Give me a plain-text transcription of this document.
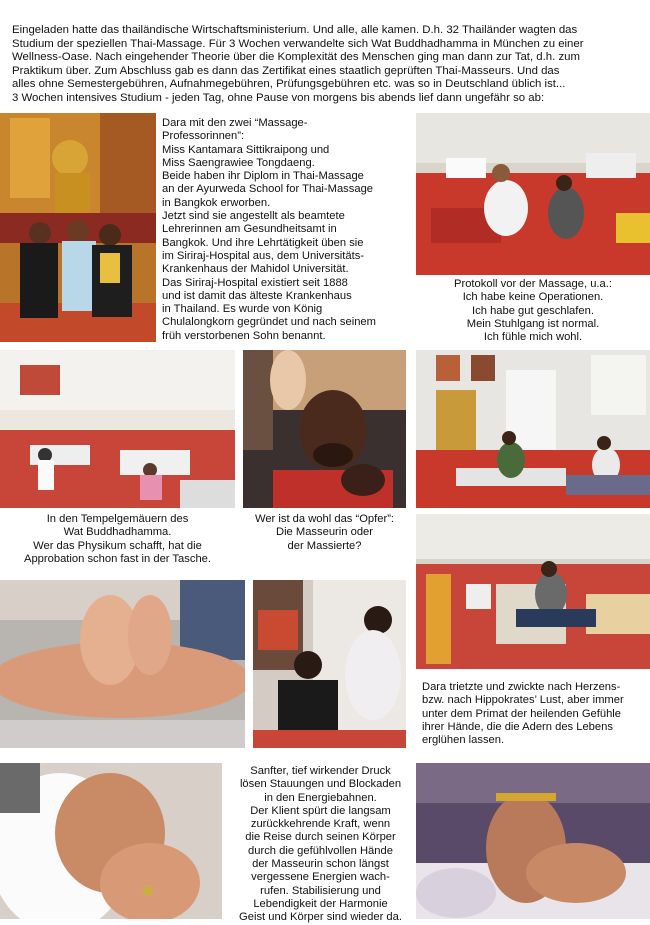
Eingeladen hatte das thailändische Wirtschaftsministerium. Und alle, alle kamen. D.h. 32 Thailänder wagten das
Studium der speziellen Thai-Massage. Für 3 Wochen verwandelte sich Wat Buddhadhamma in München zu einer
Wellness-Oase. Nach eingehender Theorie über die Komplexität des Menschen ging man dann zur Tat, d.h. zum
Praktikum über. Zum Abschluss gab es dann das Zertifikat eines staatlich geprüften Thai-Masseurs. Und das
alles ohne Semestergebühren, Aufnahmegebühren, Prüfungsgebühren etc. was so in Deutschland üblich ist...
3 Wochen intensives Studium - jeden Tag, ohne Pause von morgens bis abends lief dann ungefähr so ab:
Dara mit den zwei “Massage-
Professorinnen”:
Miss Kantamara Sittikraipong und
Miss Saengrawiee Tongdaeng.
Beide haben ihr Diplom in Thai-Massage
an der Ayurweda School for Thai-Massage
in Bangkok erworben.
Jetzt sind sie angestellt als beamtete
Lehrerinnen am Gesundheitsamt in
Bangkok. Und ihre Lehrtätigkeit üben sie
im Siriraj-Hospital aus, dem Universitäts-
Krankenhaus der Mahidol Universität.
Das Siriraj-Hospital existiert seit 1888
und ist damit das älteste Krankenhaus
in Thailand. Es wurde von König
Chulalongkorn gegründet und nach seinem
früh verstorbenen Sohn benannt.
Protokoll vor der Massage, u.a.:
Ich habe keine Operationen.
Ich habe gut geschlafen.
Mein Stuhlgang ist normal.
Ich fühle mich wohl.
In den Tempelgemäuern des
Wat Buddhadhamma.
Wer das Physikum schafft, hat die
Approbation schon fast in der Tasche.
Wer ist da wohl das “Opfer”:
Die Masseurin oder
der Massierte?
Dara trietzte und zwickte nach Herzens-
bzw. nach Hippokrates’ Lust, aber immer
unter dem Primat der heilenden Gefühle
ihrer Hände, die die Adern des Lebens
erglühen lassen.
Sanfter, tief wirkender Druck
lösen Stauungen und Blockaden
in den Energiebahnen.
Der Klient spürt die langsam
zurückkehrende Kraft, wenn
die Reise durch seinen Körper
durch die gefühlvollen Hände
der Masseurin schon längst
vergessene Energien wach-
rufen. Stabilisierung und
Lebendigkeit der Harmonie
Geist und Körper sind wieder da.
